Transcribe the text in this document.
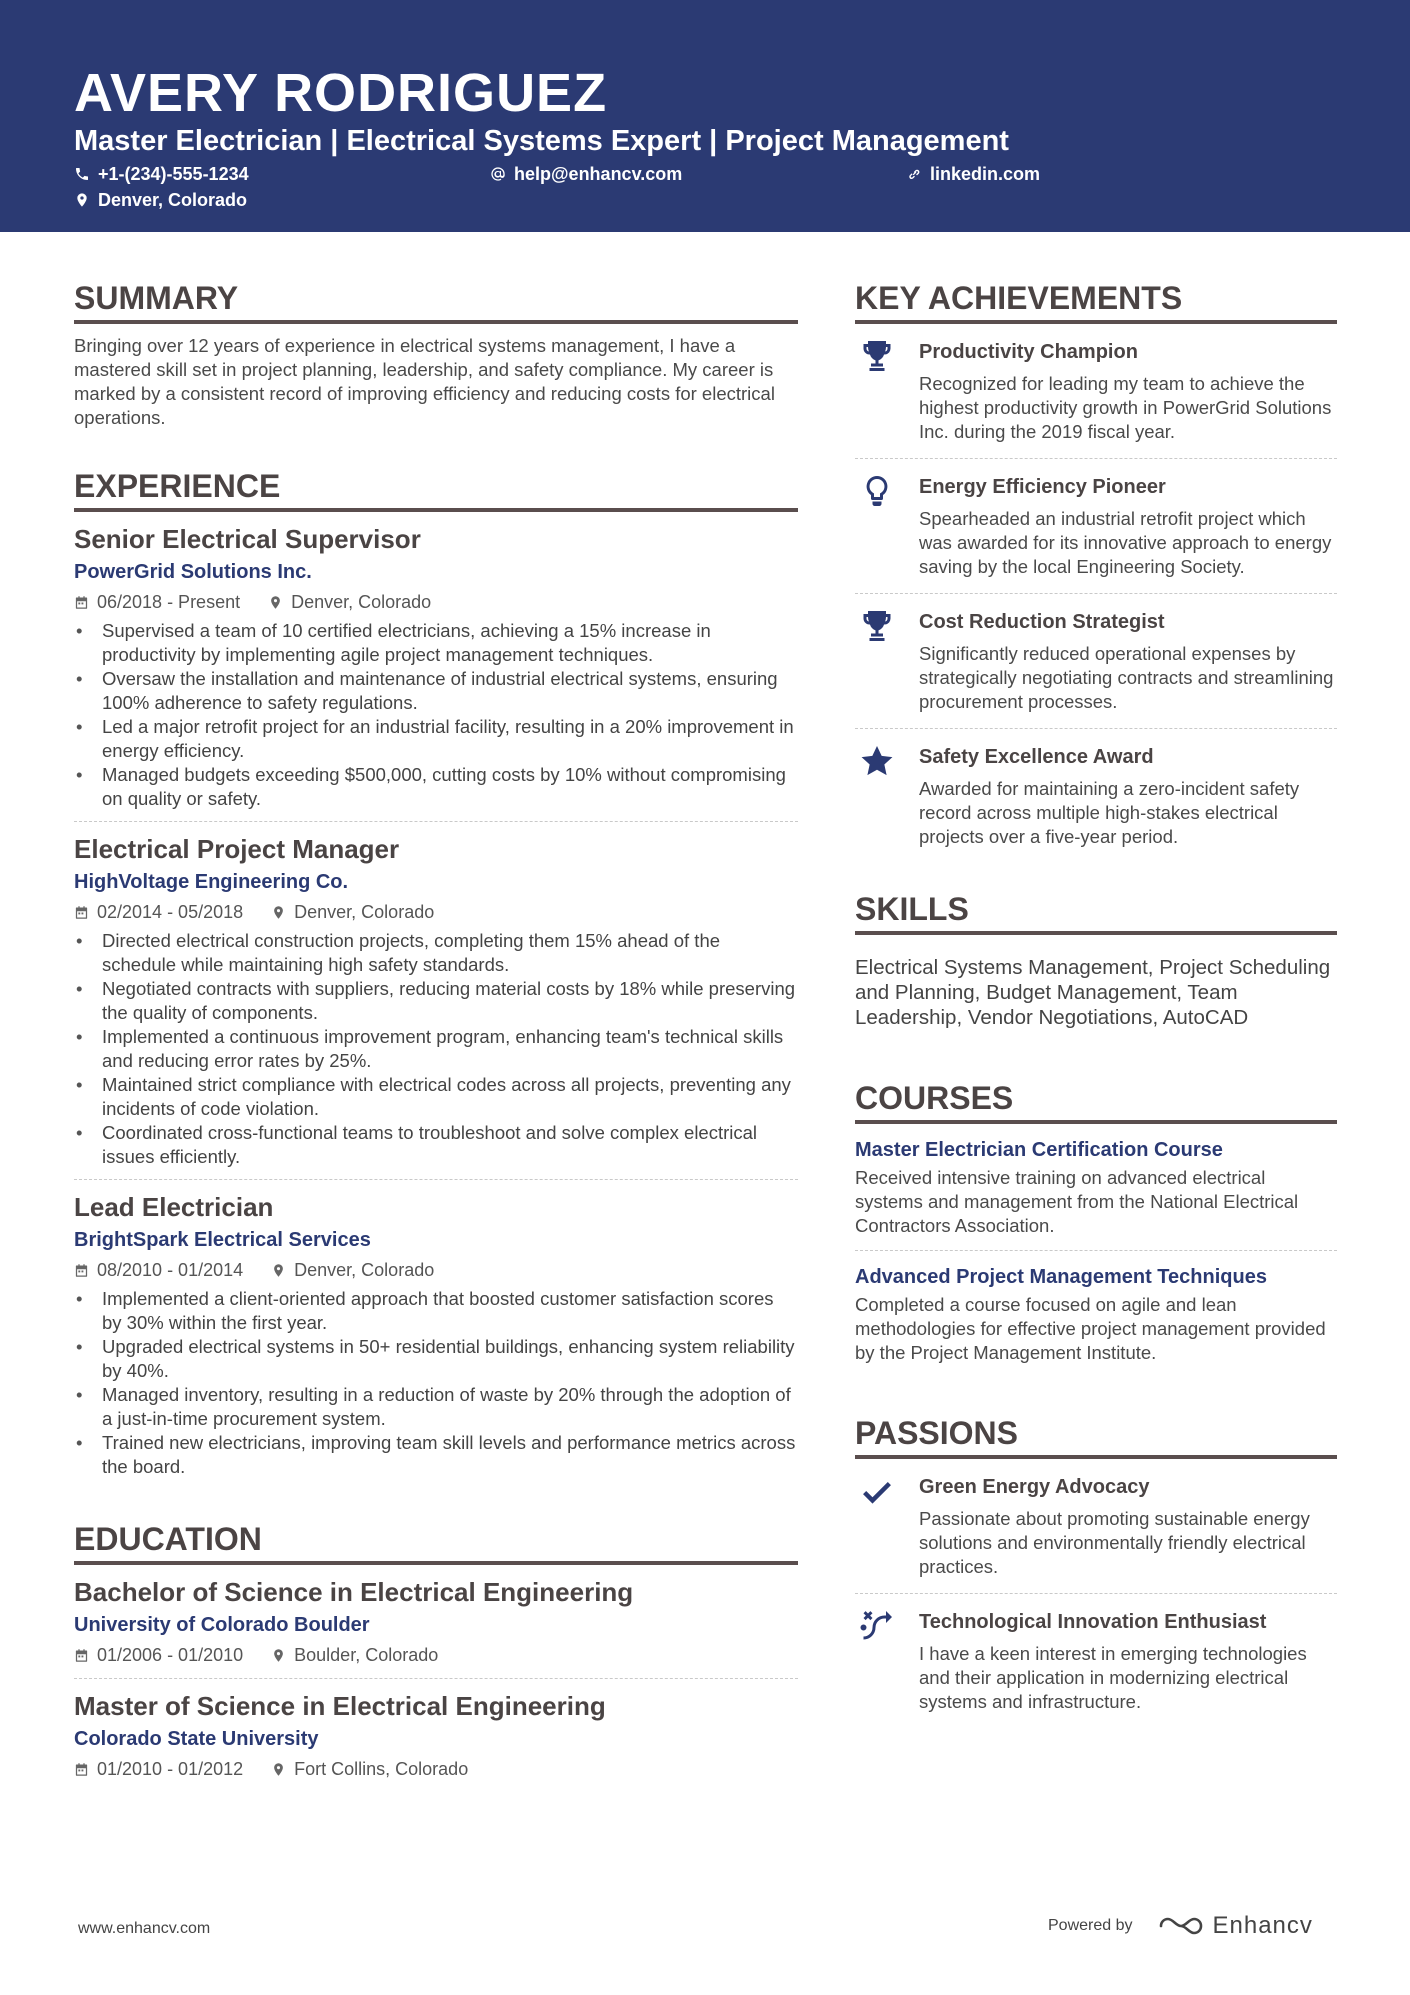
AVERY RODRIGUEZ
Master Electrician | Electrical Systems Expert | Project Management
+1-(234)-555-1234	help@enhancv.com	linkedin.com
Denver, Colorado
SUMMARY

Bringing over 12 years of experience in electrical systems management, I have a mastered skill set in project planning, leadership, and safety compliance. My career is marked by a consistent record of improving efficiency and reducing costs for electrical operations.

EXPERIENCE
Senior Electrical Supervisor
PowerGrid Solutions Inc.
06/2018 - Present	Denver, Colorado
• Supervised a team of 10 certified electricians, achieving a 15% increase in productivity by implementing agile project management techniques.
• Oversaw the installation and maintenance of industrial electrical systems, ensuring 100% adherence to safety regulations.
• Led a major retrofit project for an industrial facility, resulting in a 20% improvement in energy efficiency.
• Managed budgets exceeding $500,000, cutting costs by 10% without compromising on quality or safety.
Electrical Project Manager
HighVoltage Engineering Co.
02/2014 - 05/2018	Denver, Colorado
• Directed electrical construction projects, completing them 15% ahead of the schedule while maintaining high safety standards.
• Negotiated contracts with suppliers, reducing material costs by 18% while preserving the quality of components.
• Implemented a continuous improvement program, enhancing team's technical skills and reducing error rates by 25%.
• Maintained strict compliance with electrical codes across all projects, preventing any incidents of code violation.
• Coordinated cross-functional teams to troubleshoot and solve complex electrical issues efficiently.
Lead Electrician
BrightSpark Electrical Services
08/2010 - 01/2014	Denver, Colorado
• Implemented a client-oriented approach that boosted customer satisfaction scores by 30% within the first year.
• Upgraded electrical systems in 50+ residential buildings, enhancing system reliability by 40%.
• Managed inventory, resulting in a reduction of waste by 20% through the adoption of a just-in-time procurement system.
• Trained new electricians, improving team skill levels and performance metrics across the board.
EDUCATION
Bachelor of Science in Electrical Engineering
University of Colorado Boulder
01/2006 - 01/2010	Boulder, Colorado
Master of Science in Electrical Engineering
Colorado State University
01/2010 - 01/2012	Fort Collins, Colorado
KEY ACHIEVEMENTS
Productivity Champion

Recognized for leading my team to achieve the highest productivity growth in PowerGrid Solutions Inc. during the 2019 fiscal year.

Energy Efficiency Pioneer

Spearheaded an industrial retrofit project which was awarded for its innovative approach to energy saving by the local Engineering Society.

Cost Reduction Strategist

Significantly reduced operational expenses by strategically negotiating contracts and streamlining procurement processes.

Safety Excellence Award

Awarded for maintaining a zero-incident safety record across multiple high-stakes electrical projects over a five-year period.

SKILLS

Electrical Systems Management, Project Scheduling and Planning, Budget Management, Team Leadership, Vendor Negotiations, AutoCAD

COURSES
Master Electrician Certification Course

Received intensive training on advanced electrical systems and management from the National Electrical Contractors Association.

Advanced Project Management Techniques

Completed a course focused on agile and lean methodologies for effective project management provided by the Project Management Institute.

PASSIONS
Green Energy Advocacy

Passionate about promoting sustainable energy solutions and environmentally friendly electrical practices.

Technological Innovation Enthusiast

I have a keen interest in emerging technologies and their application in modernizing electrical systems and infrastructure.

www.enhancv.com	Powered by	Enhancv
